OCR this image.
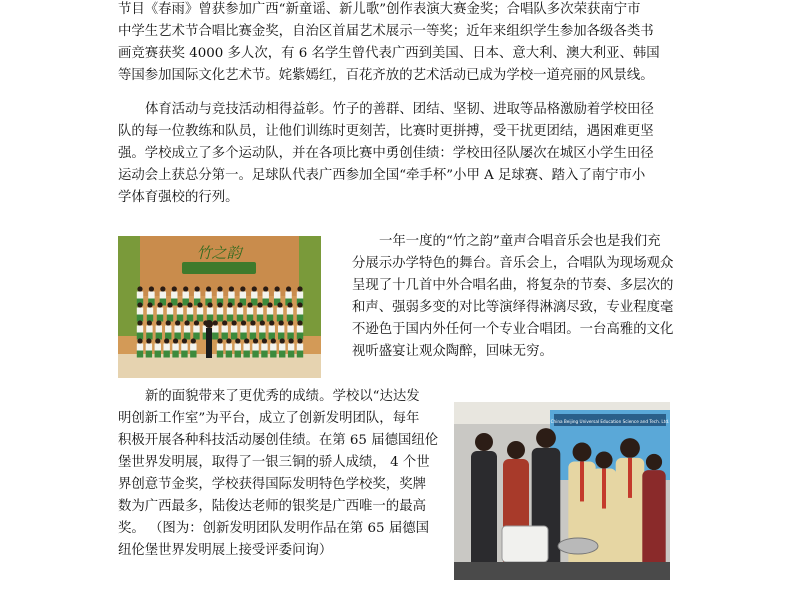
节目《春雨》曾获参加广西“新童谣、新儿歌”创作表演大赛金奖；合唱队多次荣获南宁市
中学生艺术节合唱比赛金奖，自治区首届艺术展示一等奖；近年来组织学生参加各级各类书
画竞赛获奖 4000 多人次，有 6 名学生曾代表广西到美国、日本、意大利、澳大利亚、韩国
等国参加国际文化艺术节。姹紫嫣红，百花齐放的艺术活动已成为学校一道亮丽的风景线。

体育活动与竞技活动相得益彰。竹子的善群、团结、坚韧、进取等品格激励着学校田径
队的每一位教练和队员，让他们训练时更刻苦，比赛时更拼搏，受干扰更团结，遇困难更坚
强。学校成立了多个运动队，并在各项比赛中勇创佳绩：学校田径队屡次在城区小学生田径
运动会上获总分第一。足球队代表广西参加全国“牵手杯”小甲 A 足球赛、踏入了南宁市小
学体育强校的行列。

竹之韵

一年一度的“竹之韵”童声合唱音乐会也是我们充
分展示办学特色的舞台。音乐会上，合唱队为现场观众
呈现了十几首中外合唱名曲，将复杂的节奏、多层次的
和声、强弱多变的对比等演绎得淋漓尽致，专业程度毫
不逊色于国内外任何一个专业合唱团。一台高雅的文化
视听盛宴让观众陶醉，回味无穷。

新的面貌带来了更优秀的成绩。学校以“达达发
明创新工作室”为平台，成立了创新发明团队，每年
积极开展各种科技活动屡创佳绩。在第 65 届德国纽伦
堡世界发明展，取得了一银三铜的骄人成绩， 4 个世
界创意节金奖，学校获得国际发明特色学校奖，奖牌
数为广西最多，陆俊达老师的银奖是广西唯一的最高
奖。 （图为：创新发明团队发明作品在第 65 届德国
纽伦堡世界发明展上接受评委问询）

China Beijing Universal Education Science and Tech. Ltd.
